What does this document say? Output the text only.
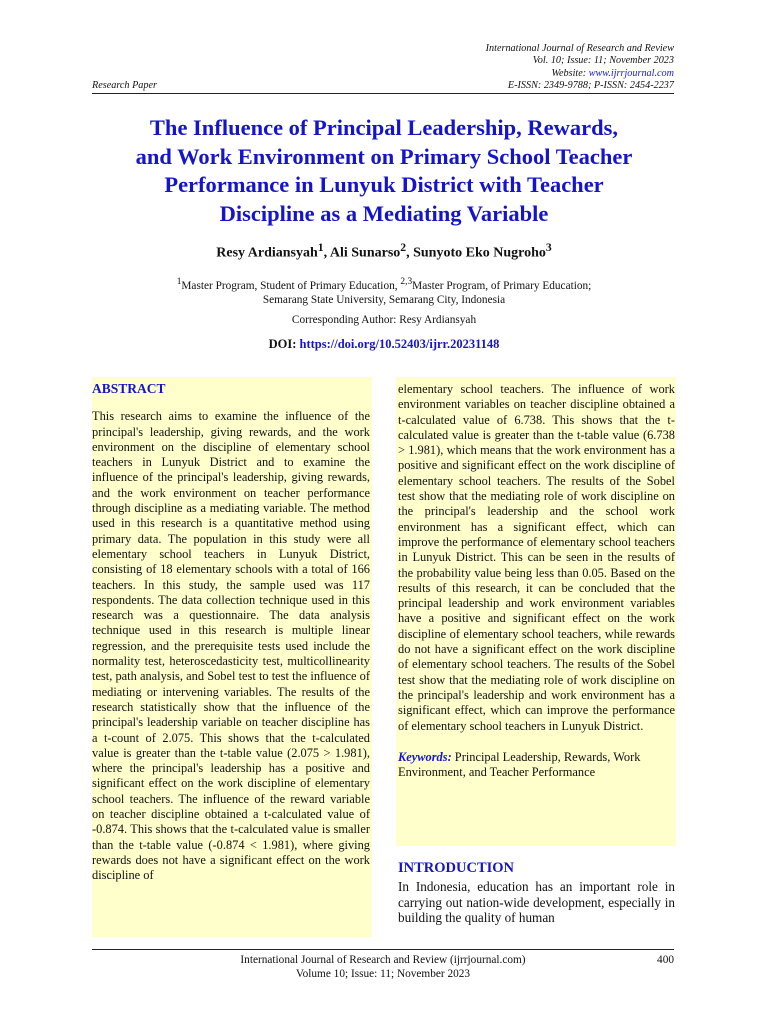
International Journal of Research and Review
Vol. 10; Issue: 11; November 2023
Website: www.ijrrjournal.com
E-ISSN: 2349-9788; P-ISSN: 2454-2237
Research Paper
The Influence of Principal Leadership, Rewards,
and Work Environment on Primary School Teacher
Performance in Lunyuk District with Teacher
Discipline as a Mediating Variable
Resy Ardiansyah$^1$, Ali Sunarso$^2$, Sunyoto Eko Nugroho$^3$
$^1$Master Program, Student of Primary Education, $^{2,3}$Master Program, of Primary Education;
Semarang State University, Semarang City, Indonesia
Corresponding Author: Resy Ardiansyah
DOI: https://doi.org/10.52403/ijrr.20231148
ABSTRACT

This research aims to examine the influence of the principal's leadership, giving rewards, and the work environment on the discipline of elementary school teachers in Lunyuk District and to examine the influence of the principal's leadership, giving rewards, and the work environment on teacher performance through discipline as a mediating variable. The method used in this research is a quantitative method using primary data. The population in this study were all elementary school teachers in Lunyuk District, consisting of 18 elementary schools with a total of 166 teachers. In this study, the sample used was 117 respondents. The data collection technique used in this research was a questionnaire. The data analysis technique used in this research is multiple linear regression, and the prerequisite tests used include the normality test, heteroscedasticity test, multicollinearity test, path analysis, and Sobel test to test the influence of mediating or intervening variables. The results of the research statistically show that the influence of the principal's leadership variable on teacher discipline has a t-count of 2.075. This shows that the t-calculated value is greater than the t-table value (2.075 > 1.981), where the principal's leadership has a positive and significant effect on the work discipline of elementary school teachers. The influence of the reward variable on teacher discipline obtained a t-calculated value of -0.874. This shows that the t-calculated value is smaller than the t-table value (-0.874 < 1.981), where giving rewards does not have a significant effect on the work discipline of

elementary school teachers. The influence of work environment variables on teacher discipline obtained a t-calculated value of 6.738. This shows that the t-calculated value is greater than the t-table value (6.738 > 1.981), which means that the work environment has a positive and significant effect on the work discipline of elementary school teachers. The results of the Sobel test show that the mediating role of work discipline on the principal's leadership and the school work environment has a significant effect, which can improve the performance of elementary school teachers in Lunyuk District. This can be seen in the results of the probability value being less than 0.05. Based on the results of this research, it can be concluded that the principal leadership and work environment variables have a positive and significant effect on the work discipline of elementary school teachers, while rewards do not have a significant effect on the work discipline of elementary school teachers. The results of the Sobel test show that the mediating role of work discipline on the principal's leadership and work environment has a significant effect, which can improve the performance of elementary school teachers in Lunyuk District.

Keywords: Principal Leadership, Rewards, Work Environment, and Teacher Performance

INTRODUCTION

In Indonesia, education has an important role in carrying out nation-wide development, especially in building the quality of human

International Journal of Research and Review (ijrrjournal.com)
Volume 10; Issue: 11; November 2023
400
